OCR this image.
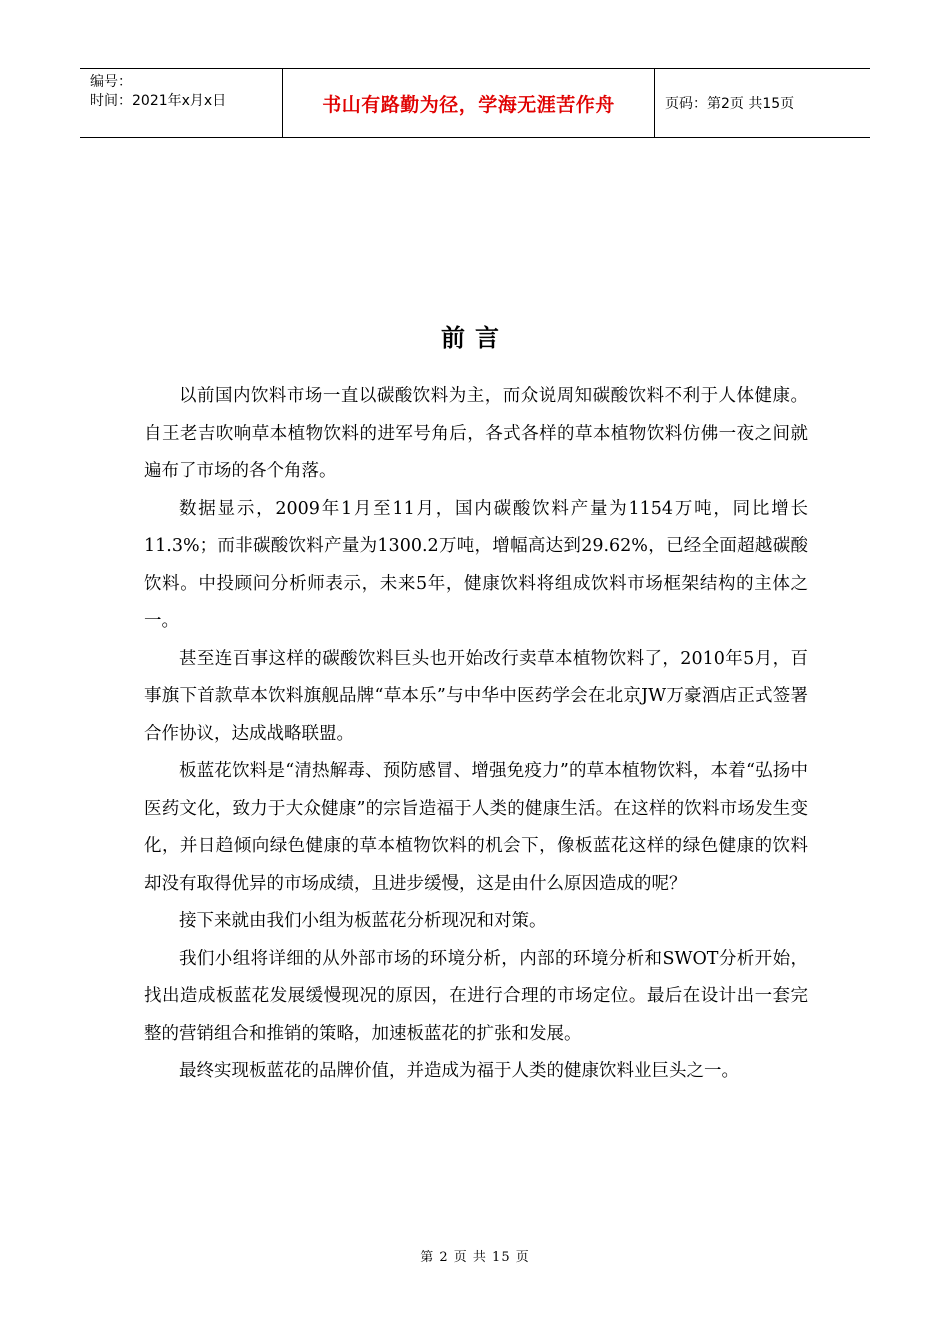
编号：
时间：2021年x月x日	书山有路勤为径，学海无涯苦作舟	页码：第2页 共15页
前言

以前国内饮料市场一直以碳酸饮料为主，而众说周知碳酸饮料不利于人体健康。自王老吉吹响草本植物饮料的进军号角后，各式各样的草本植物饮料仿佛一夜之间就遍布了市场的各个角落。

数据显示，2009年1月至11月，国内碳酸饮料产量为1154万吨，同比增长11.3%；而非碳酸饮料产量为1300.2万吨，增幅高达到29.62%，已经全面超越碳酸饮料。中投顾问分析师表示，未来5年，健康饮料将组成饮料市场框架结构的主体之一。

甚至连百事这样的碳酸饮料巨头也开始改行卖草本植物饮料了，2010年5月，百事旗下首款草本饮料旗舰品牌“草本乐”与中华中医药学会在北京JW万豪酒店正式签署合作协议，达成战略联盟。

板蓝花饮料是“清热解毒、预防感冒、增强免疫力”的草本植物饮料，本着“弘扬中医药文化，致力于大众健康”的宗旨造福于人类的健康生活。在这样的饮料市场发生变化，并日趋倾向绿色健康的草本植物饮料的机会下，像板蓝花这样的绿色健康的饮料却没有取得优异的市场成绩，且进步缓慢，这是由什么原因造成的呢？

接下来就由我们小组为板蓝花分析现况和对策。

我们小组将详细的从外部市场的环境分析，内部的环境分析和SWOT分析开始，找出造成板蓝花发展缓慢现况的原因，在进行合理的市场定位。最后在设计出一套完整的营销组合和推销的策略，加速板蓝花的扩张和发展。

最终实现板蓝花的品牌价值，并造成为福于人类的健康饮料业巨头之一。

第 2 页 共 15 页
